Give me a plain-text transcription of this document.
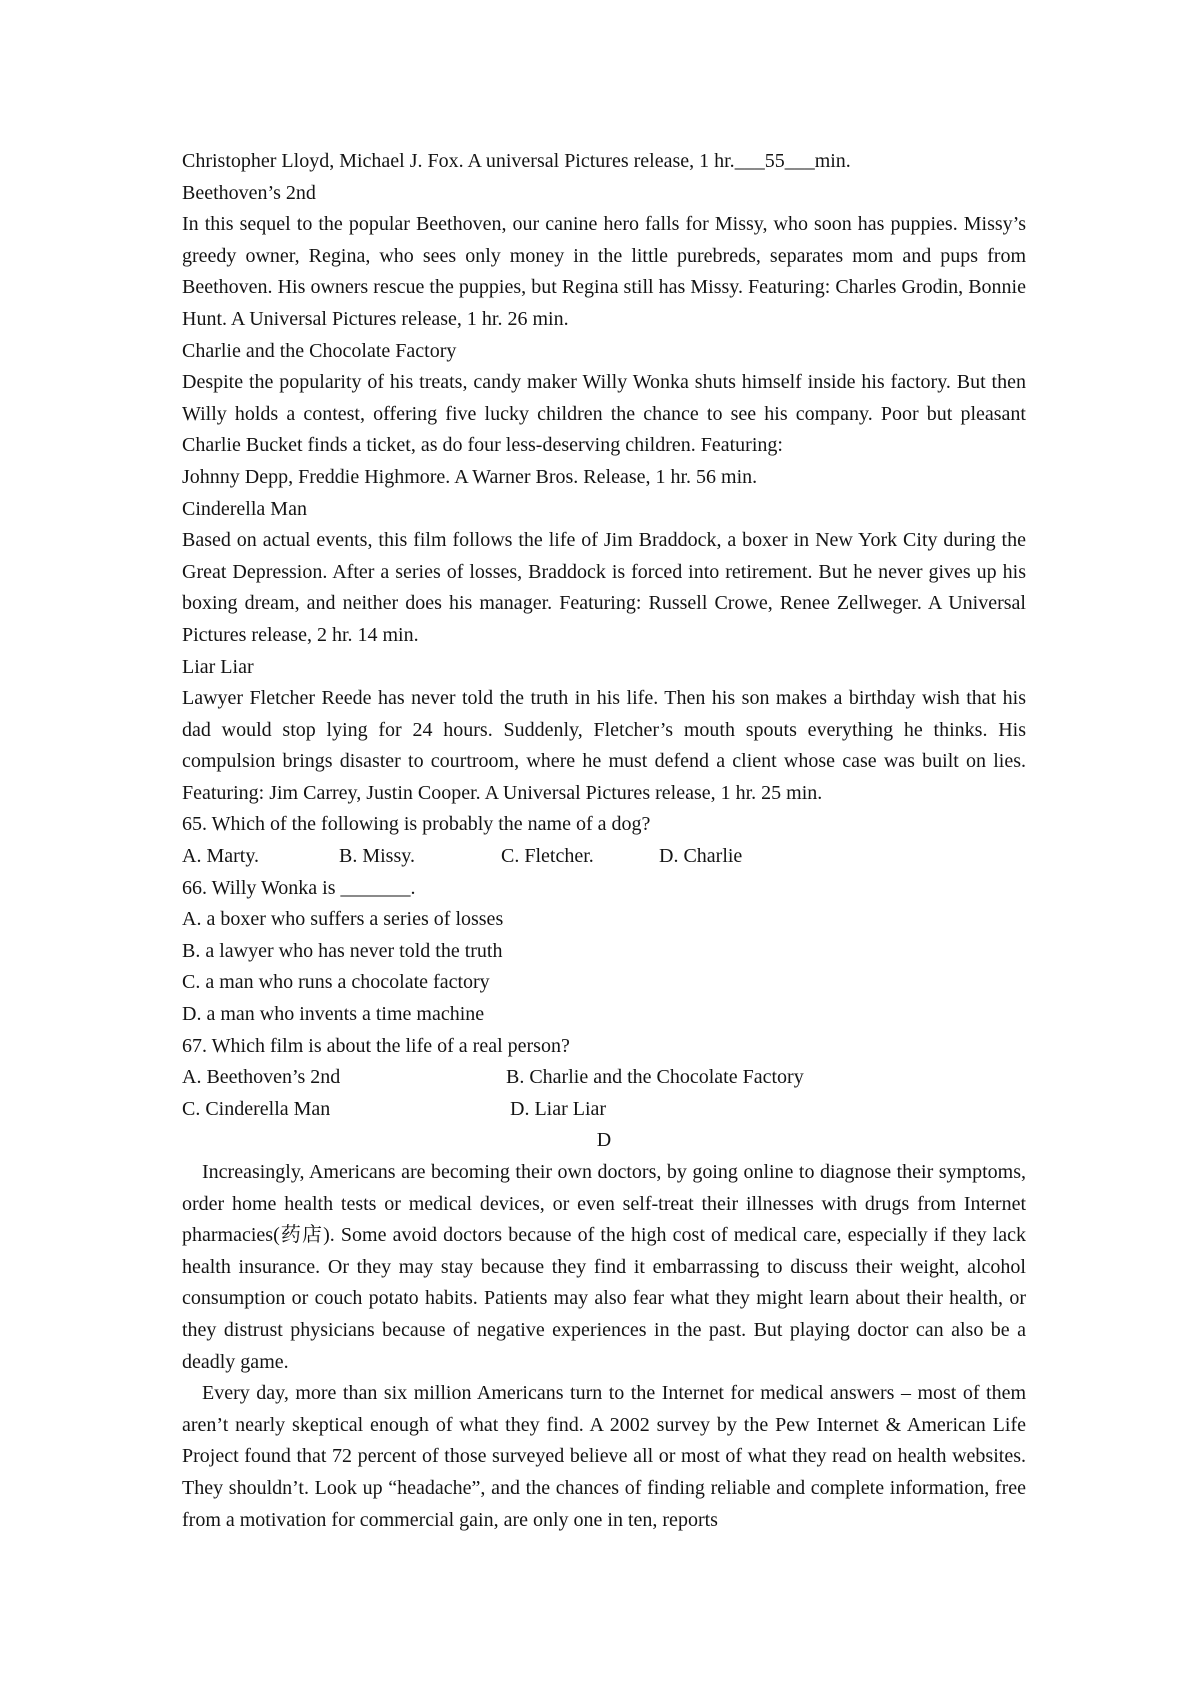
Christopher Lloyd, Michael J. Fox. A universal Pictures release, 1 hr.___55___min.
Beethoven’s 2nd
In this sequel to the popular Beethoven, our canine hero falls for Missy, who soon has puppies. Missy’s greedy owner, Regina, who sees only money in the little purebreds, separates mom and pups from Beethoven. His owners rescue the puppies, but Regina still has Missy. Featuring: Charles Grodin, Bonnie Hunt. A Universal Pictures release, 1 hr. 26 min.
Charlie and the Chocolate Factory
Despite the popularity of his treats, candy maker Willy Wonka shuts himself inside his factory. But then Willy holds a contest, offering five lucky children the chance to see his company. Poor but pleasant Charlie Bucket finds a ticket, as do four less-deserving children. Featuring:
Johnny Depp, Freddie Highmore. A Warner Bros. Release, 1 hr. 56 min.
Cinderella Man
Based on actual events, this film follows the life of Jim Braddock, a boxer in New York City during the Great Depression. After a series of losses, Braddock is forced into retirement. But he never gives up his boxing dream, and neither does his manager. Featuring: Russell Crowe, Renee Zellweger. A Universal Pictures release, 2 hr. 14 min.
Liar Liar
Lawyer Fletcher Reede has never told the truth in his life. Then his son makes a birthday wish that his dad would stop lying for 24 hours. Suddenly, Fletcher’s mouth spouts everything he thinks. His compulsion brings disaster to courtroom, where he must defend a client whose case was built on lies. Featuring: Jim Carrey, Justin Cooper. A Universal Pictures release, 1 hr. 25 min.
65. Which of the following is probably the name of a dog?
A. Marty.	B. Missy.	C. Fletcher.	D. Charlie
66. Willy Wonka is _______.
A. a boxer who suffers a series of losses
B. a lawyer who has never told the truth
C. a man who runs a chocolate factory
D. a man who invents a time machine
67. Which film is about the life of a real person?
A. Beethoven’s 2nd	B. Charlie and the Chocolate Factory
C. Cinderella Man	D. Liar Liar
D
Increasingly, Americans are becoming their own doctors, by going online to diagnose their symptoms, order home health tests or medical devices, or even self-treat their illnesses with drugs from Internet pharmacies(药店). Some avoid doctors because of the high cost of medical care, especially if they lack health insurance. Or they may stay because they find it embarrassing to discuss their weight, alcohol consumption or couch potato habits. Patients may also fear what they might learn about their health, or they distrust physicians because of negative experiences in the past. But playing doctor can also be a deadly game.
Every day, more than six million Americans turn to the Internet for medical answers – most of them aren’t nearly skeptical enough of what they find. A 2002 survey by the Pew Internet & American Life Project found that 72 percent of those surveyed believe all or most of what they read on health websites. They shouldn’t. Look up “headache”, and the chances of finding reliable and complete information, free from a motivation for commercial gain, are only one in ten, reports
